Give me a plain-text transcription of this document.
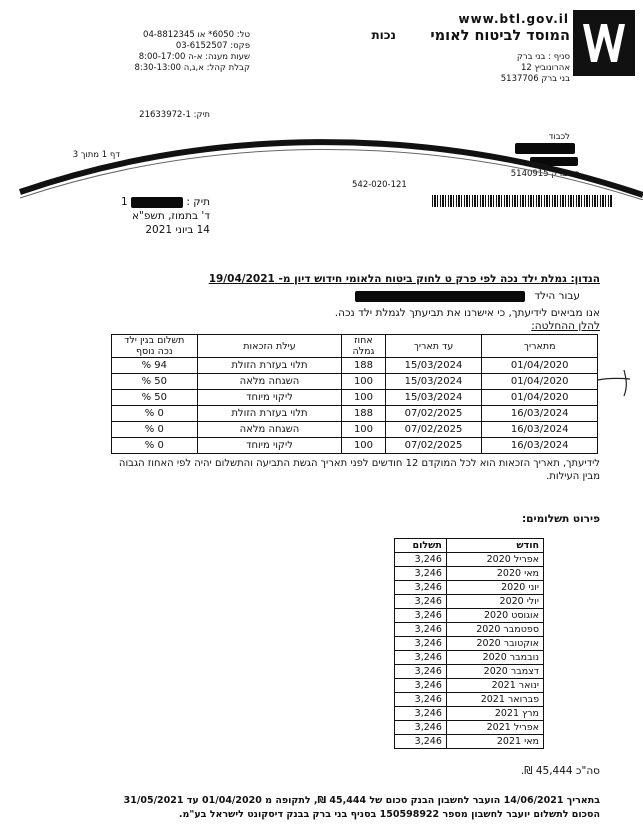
www.btl.gov.il
המוסד לביטוח לאומי
נכות
סניף : בני ברק
אהרונוביץ 12
בני ברק 5137706
טל: 6050* או 04-8812345
פקס: 03-6152507
שעות מענה: א-ה 8:00-17:00
קבלת קהל: א,ג,ה 8:30-13:00
תיק: 21633972-1
דף 1 מתוך 3
לכבוד
בני ברק 5140915
542-020-121
תיק :  1
ד' בתמוז, תשפ"א
14 ביוני 2021
הנדון: גמלת ילד נכה לפי פרק ט לחוק ביטוח הלאומי חידוש דיון מ- 19/04/2021
עבור הילד
אנו מביאים לידיעתך, כי אישרנו את תביעתך לגמלת ילד נכה.
להלן ההחלטה:
מתאריך	עד תאריך	אחוז גמלה	עילת הזכאות	תשלום בגין ילד נכה נוסף
01/04/2020	15/03/2024	188	תלוי בעזרת הזולת	94 %
01/04/2020	15/03/2024	100	השגחה מלאה	50 %
01/04/2020	15/03/2024	100	ליקוי מיוחד	50 %
16/03/2024	07/02/2025	188	תלוי בעזרת הזולת	0 %
16/03/2024	07/02/2025	100	השגחה מלאה	0 %
16/03/2024	07/02/2025	100	ליקוי מיוחד	0 %
לידיעתך, תאריך הזכאות הוא לכל המוקדם 12 חודשים לפני תאריך הגשת התביעה והתשלום יהיה לפי האחוז הגבוה
מבין העילות.
פירוט תשלומים:
חודש	תשלום
אפריל 2020	3,246
מאי 2020	3,246
יוני 2020	3,246
יולי 2020	3,246
אוגוסט 2020	3,246
ספטמבר 2020	3,246
אוקטובר 2020	3,246
נובמבר 2020	3,246
דצמבר 2020	3,246
ינואר 2021	3,246
פברואר 2021	3,246
מרץ 2021	3,246
אפריל 2021	3,246
מאי 2021	3,246
סה"כ 45,444 ₪.
בתאריך 14/06/2021 הועבר לחשבון הבנק סכום של 45,444 ₪, לתקופה מ 01/04/2020 עד 31/05/2021
הסכום לתשלום יועבר לחשבון מספר 150598922 בסניף בני ברק בבנק דיסקונט לישראל בע"מ.
